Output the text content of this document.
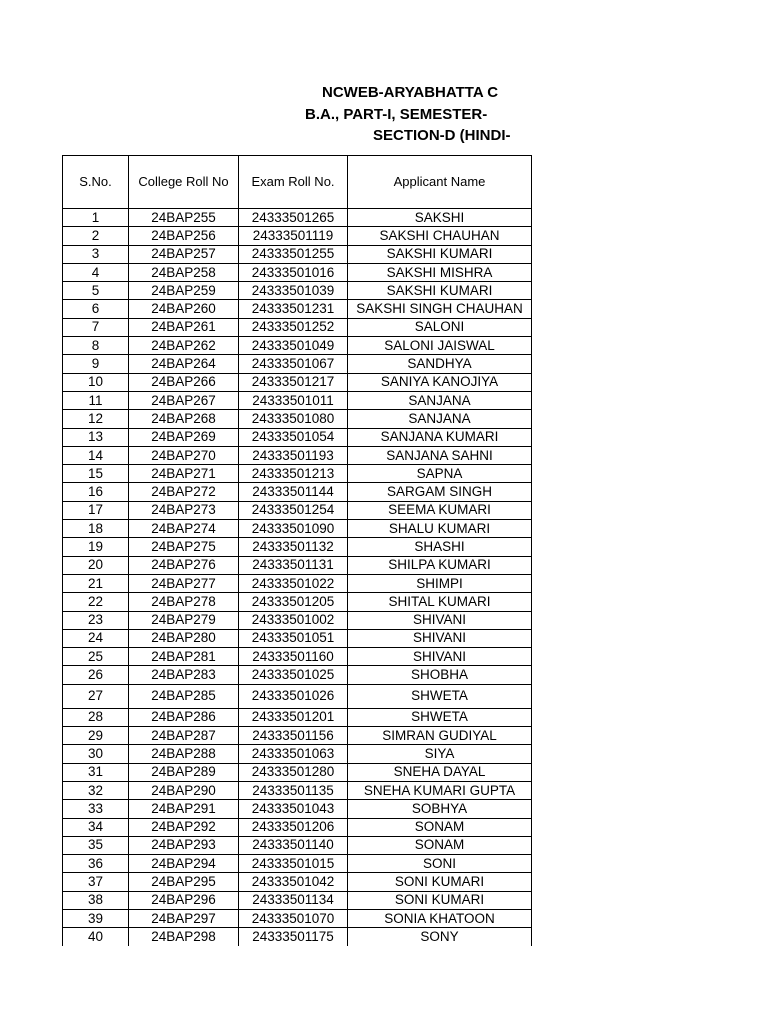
NCWEB-ARYABHATTA C
B.A., PART-I, SEMESTER-
SECTION-D (HINDI-
S.No.	College Roll No	Exam Roll No.	Applicant Name
1	24BAP255	24333501265	SAKSHI
2	24BAP256	24333501119	SAKSHI CHAUHAN
3	24BAP257	24333501255	SAKSHI KUMARI
4	24BAP258	24333501016	SAKSHI MISHRA
5	24BAP259	24333501039	SAKSHI KUMARI
6	24BAP260	24333501231	SAKSHI SINGH CHAUHAN
7	24BAP261	24333501252	SALONI
8	24BAP262	24333501049	SALONI JAISWAL
9	24BAP264	24333501067	SANDHYA
10	24BAP266	24333501217	SANIYA KANOJIYA
11	24BAP267	24333501011	SANJANA
12	24BAP268	24333501080	SANJANA
13	24BAP269	24333501054	SANJANA KUMARI
14	24BAP270	24333501193	SANJANA SAHNI
15	24BAP271	24333501213	SAPNA
16	24BAP272	24333501144	SARGAM SINGH
17	24BAP273	24333501254	SEEMA KUMARI
18	24BAP274	24333501090	SHALU KUMARI
19	24BAP275	24333501132	SHASHI
20	24BAP276	24333501131	SHILPA KUMARI
21	24BAP277	24333501022	SHIMPI
22	24BAP278	24333501205	SHITAL KUMARI
23	24BAP279	24333501002	SHIVANI
24	24BAP280	24333501051	SHIVANI
25	24BAP281	24333501160	SHIVANI
26	24BAP283	24333501025	SHOBHA
27	24BAP285	24333501026	SHWETA
28	24BAP286	24333501201	SHWETA
29	24BAP287	24333501156	SIMRAN GUDIYAL
30	24BAP288	24333501063	SIYA
31	24BAP289	24333501280	SNEHA DAYAL
32	24BAP290	24333501135	SNEHA KUMARI GUPTA
33	24BAP291	24333501043	SOBHYA
34	24BAP292	24333501206	SONAM
35	24BAP293	24333501140	SONAM
36	24BAP294	24333501015	SONI
37	24BAP295	24333501042	SONI KUMARI
38	24BAP296	24333501134	SONI KUMARI
39	24BAP297	24333501070	SONIA KHATOON
40	24BAP298	24333501175	SONY
